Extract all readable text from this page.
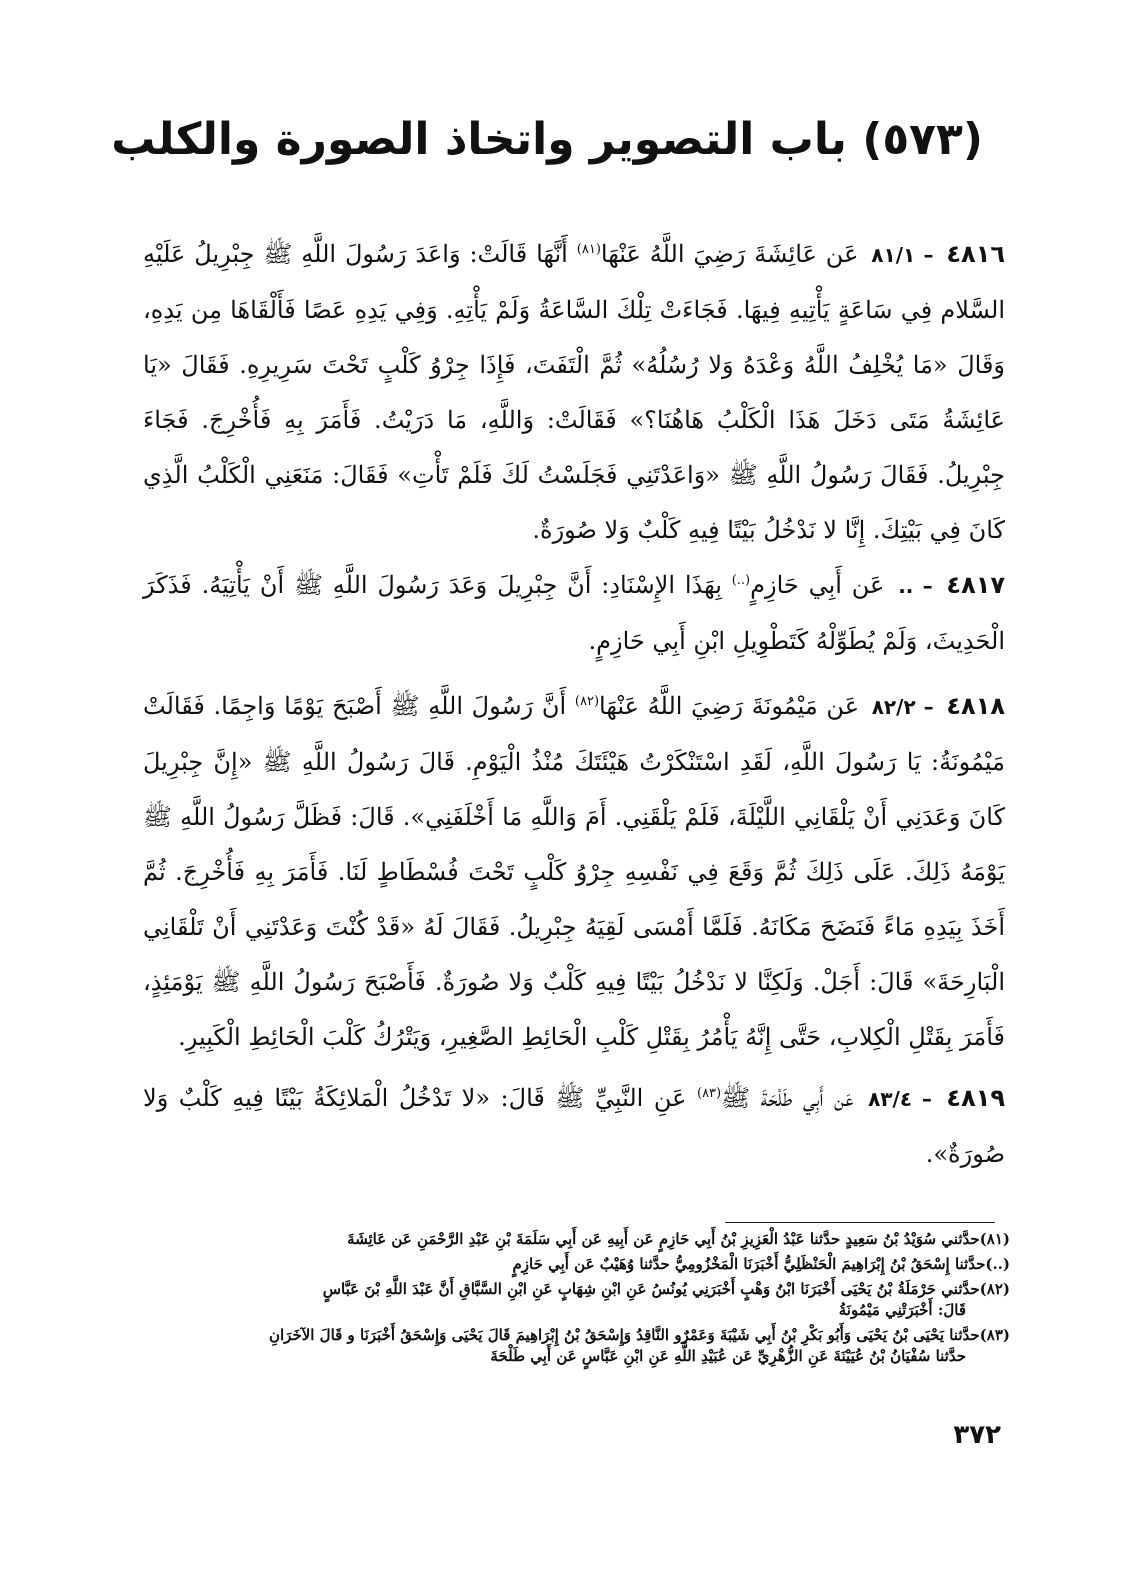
(٥٧٣) باب التصوير واتخاذ الصورة والكلب

٤٨١٦ – ٨١/١ عَن عَائِشَةَ رَضِيَ اللَّهُ عَنْهَا$^{(٨١)}$ أَنَّهَا قَالَتْ: وَاعَدَ رَسُولَ اللَّهِ ﷺ جِبْرِيلُ عَلَيْهِ السَّلام فِي سَاعَةٍ يَأْتِيهِ فِيهَا. فَجَاءَتْ تِلْكَ السَّاعَةُ وَلَمْ يَأْتِهِ. وَفِي يَدِهِ عَصًا فَأَلْقَاهَا مِن يَدِهِ، وَقَالَ «مَا يُخْلِفُ اللَّهُ وَعْدَهُ وَلا رُسُلُهُ» ثُمَّ الْتَفَتَ، فَإِذَا جِرْوُ كَلْبٍ تَحْتَ سَرِيرِهِ. فَقَالَ «يَا عَائِشَةُ مَتَى دَخَلَ هَذَا الْكَلْبُ هَاهُنَا؟» فَقَالَتْ: وَاللَّهِ، مَا دَرَيْتُ. فَأَمَرَ بِهِ فَأُخْرِجَ. فَجَاءَ جِبْرِيلُ. فَقَالَ رَسُولُ اللَّهِ ﷺ «وَاعَدْتَنِي فَجَلَسْتُ لَكَ فَلَمْ تَأْتِ» فَقَالَ: مَنَعَنِي الْكَلْبُ الَّذِي كَانَ فِي بَيْتِكَ. إِنَّا لا نَدْخُلُ بَيْتًا فِيهِ كَلْبٌ وَلا صُورَةٌ.

٤٨١٧ – .. عَن أَبِي حَازِمٍ(..) بِهَذَا الإِسْنَادِ: أَنَّ جِبْرِيلَ وَعَدَ رَسُولَ اللَّهِ ﷺ أَنْ يَأْتِيَهُ. فَذَكَرَ الْحَدِيثَ، وَلَمْ يُطَوِّلْهُ كَتَطْوِيلِ ابْنِ أَبِي حَازِمٍ.

٤٨١٨ – ٨٢/٢ عَن مَيْمُونَةَ رَضِيَ اللَّهُ عَنْهَا$^{(٨٢)}$ أَنَّ رَسُولَ اللَّهِ ﷺ أَصْبَحَ يَوْمًا وَاجِمًا. فَقَالَتْ مَيْمُونَةُ: يَا رَسُولَ اللَّهِ، لَقَدِ اسْتَنْكَرْتُ هَيْئَتَكَ مُنْذُ الْيَوْمِ. قَالَ رَسُولُ اللَّهِ ﷺ «إِنَّ جِبْرِيلَ كَانَ وَعَدَنِي أَنْ يَلْقَانِي اللَّيْلَةَ، فَلَمْ يَلْقَنِي. أَمَ وَاللَّهِ مَا أَخْلَفَنِي». قَالَ: فَظَلَّ رَسُولُ اللَّهِ ﷺ يَوْمَهُ ذَلِكَ. عَلَى ذَلِكَ ثُمَّ وَقَعَ فِي نَفْسِهِ جِرْوُ كَلْبٍ تَحْتَ فُسْطَاطٍ لَنَا. فَأَمَرَ بِهِ فَأُخْرِجَ. ثُمَّ أَخَذَ بِيَدِهِ مَاءً فَنَضَحَ مَكَانَهُ. فَلَمَّا أَمْسَى لَقِيَهُ جِبْرِيلُ. فَقَالَ لَهُ «قَدْ كُنْتَ وَعَدْتَنِي أَنْ تَلْقَانِي الْبَارِحَةَ» قَالَ: أَجَلْ. وَلَكِنَّا لا نَدْخُلُ بَيْتًا فِيهِ كَلْبٌ وَلا صُورَةٌ. فَأَصْبَحَ رَسُولُ اللَّهِ ﷺ يَوْمَئِذٍ، فَأَمَرَ بِقَتْلِ الْكِلابِ، حَتَّى إِنَّهُ يَأْمُرُ بِقَتْلِ كَلْبِ الْحَائِطِ الصَّغِيرِ، وَيَتْرُكُ كَلْبَ الْحَائِطِ الْكَبِيرِ.

٤٨١٩ – ٨٣/٤ عَن أَبِي طَلْحَةَ ﷺ$^{(٨٣)}$ عَنِ النَّبِيِّ ﷺ قَالَ: «لا تَدْخُلُ الْمَلائِكَةُ بَيْتًا فِيهِ كَلْبٌ وَلا صُورَةٌ».

(٨١)حدَّثني سُوَيْدُ بْنُ سَعِيدٍ حدَّثنا عَبْدُ الْعَزِيزِ بْنُ أَبِي حَازِمٍ عَن أَبِيهِ عَن أَبِي سَلَمَةَ بْنِ عَبْدِ الرَّحْمَنِ عَن عَائِشَةَ

(..)حدَّثنا إِسْحَقُ بْنُ إِبْرَاهِيمَ الْحَنْظَلِيُّ أَخْبَرَنَا الْمَخْزُومِيُّ حدَّثنا وُهَيْبٌ عَن أَبِي حَازِمٍ

(٨٢)حدَّثني حَرْمَلَةُ بْنُ يَحْيَى أَخْبَرَنَا ابْنُ وَهْبٍ أَخْبَرَنِي يُونُسُ عَنِ ابْنِ شِهَابٍ عَنِ ابْنِ السَّبَّاقِ أَنَّ عَبْدَ اللَّهِ بْنَ عَبَّاسٍ
قَالَ: أَخْبَرَتْنِي مَيْمُونَةُ

(٨٣)حدَّثنا يَحْيَى بْنُ يَحْيَى وَأَبُو بَكْرِ بْنُ أَبِي شَيْبَةَ وَعَمْرٌو النَّاقِدُ وَإِسْحَقُ بْنُ إِبْرَاهِيمَ قَالَ يَحْيَى وَإِسْحَقُ أَخْبَرَنَا و قَالَ الآخَرَانِ
حدَّثنا سُفْيَانُ بْنُ عُيَيْنَةَ عَنِ الزُّهْرِيِّ عَن عُبَيْدِ اللَّهِ عَنِ ابْنِ عَبَّاسٍ عَن أَبِي طَلْحَةَ

٣٧٢
